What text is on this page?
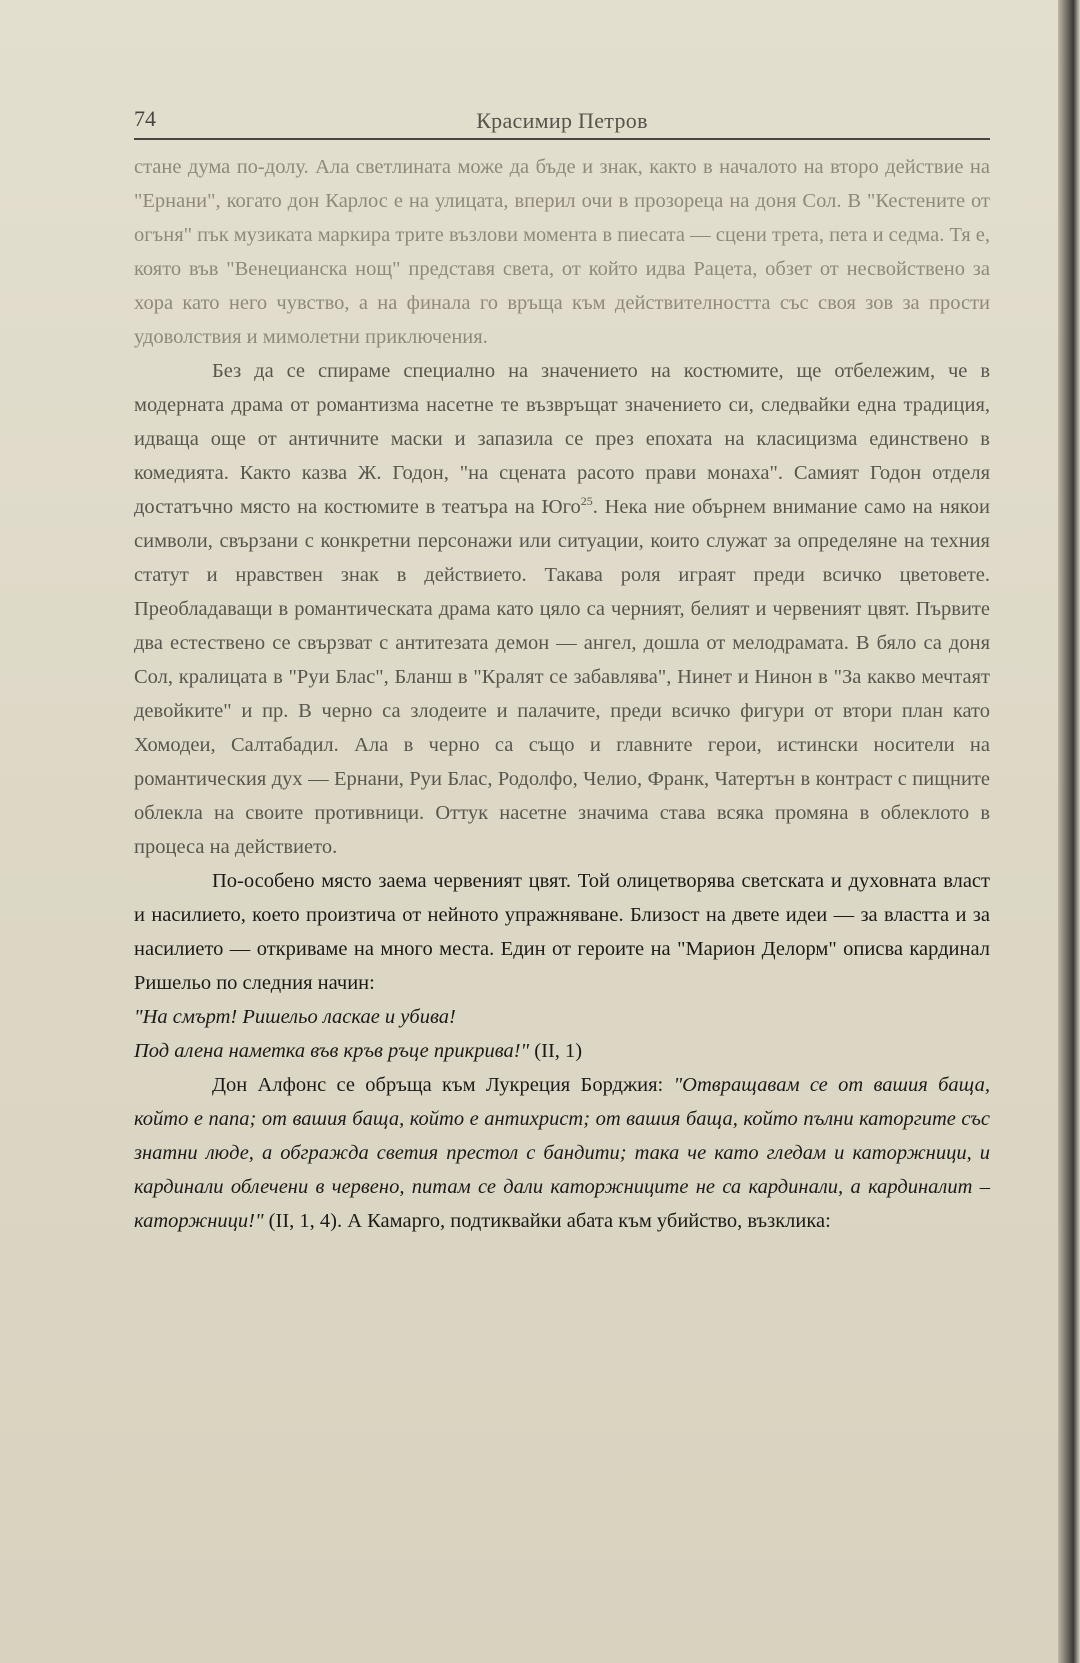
74	Красимир Петров

стане дума по-долу. Ала светлината може да бъде и знак, както в началото на второ действие на "Ернани", когато дон Карлос е на улицата, вперил очи в прозореца на доня Сол. В "Кестените от огъня" пък музиката маркира трите възлови момента в пиесата — сцени трета, пета и седма. Тя е, която във "Венецианска нощ" представя света, от който идва Рацета, обзет от несвойствено за хора като него чувство, а на финала го връща към действителността със своя зов за прости удоволствия и мимолетни приключения.

Без да се спираме специално на значението на костюмите, ще отбележим, че в модерната драма от романтизма насетне те възвръщат значението си, следвайки една традиция, идваща още от античните маски и запазила се през епохата на класицизма единствено в комедията. Както казва Ж. Годон, "на сцената расото прави монаха". Самият Годон отделя достатъчно място на костюмите в театъра на Юго$^{25}$. Нека ние обърнем внимание само на някои символи, свързани с конкретни персонажи или ситуации, които служат за определяне на техния статут и нравствен знак в действието. Такава роля играят преди всичко цветовете. Преобладаващи в романтическата драма като цяло са черният, белият и червеният цвят. Първите два естествено се свързват с антитезата демон — ангел, дошла от мелодрамата. В бяло са доня Сол, кралицата в "Руи Блас", Бланш в "Кралят се забавлява", Нинет и Нинон в "За какво мечтаят девойките" и пр. В черно са злодеите и палачите, преди всичко фигури от втори план като Хомодеи, Салтабадил. Ала в черно са също и главните герои, истински носители на романтическия дух — Ернани, Руи Блас, Родолфо, Челио, Франк, Чатертън в контраст с пищните облекла на своите противници. Оттук насетне значима става всяка промяна в облеклото в процеса на действието.

По-особено място заема червеният цвят. Той олицетворява светската и духовната власт и насилието, което произтича от нейното упражняване. Близост на двете идеи — за властта и за насилието — откриваме на много места. Един от героите на "Марион Делорм" описва кардинал Ришельо по следния начин:

"На смърт! Ришельо ласкае и убива!

Под алена наметка във кръв ръце прикрива!" (II, 1)

Дон Алфонс се обръща към Лукреция Борджия: "Отвращавам се от вашия баща, който е папа; от вашия баща, който е антихрист; от вашия баща, който пълни каторгите със знатни люде, а обгражда светия престол с бандити; така че като гледам и каторжници, и кардинали облечени в червено, питам се дали каторжниците не са кардинали, а кардиналит – каторжници!" (II, 1, 4). А Камарго, подтиквайки абата към убийство, възклика:
